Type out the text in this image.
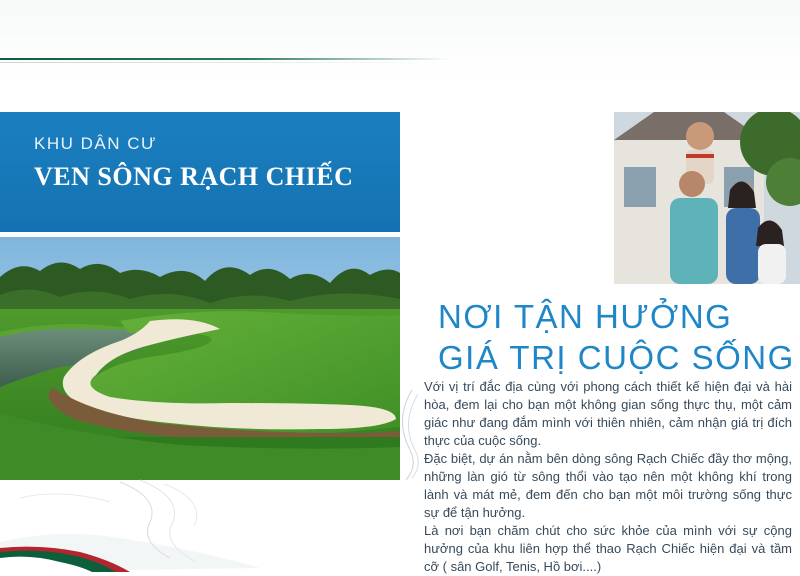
KHU DÂN CƯ
VEN SÔNG RẠCH CHIẾC
NƠI TẬN HƯỞNG
GIÁ TRỊ CUỘC SỐNG

Với vị trí đắc địa cùng với phong cách thiết kế hiện đại và hài hòa, đem lại cho bạn một không gian sống thực thụ, một cảm giác như đang đắm mình với thiên nhiên, cảm nhận giá trị đích thực của cuộc sống.

Đặc biệt, dự án nằm bên dòng sông Rạch Chiếc đầy thơ mộng, những làn gió từ sông thổi vào tạo nên một không khí trong lành và mát mẻ, đem đến cho bạn một môi trường sống thực sự để tận hưởng.

Là nơi bạn chăm chút cho sức khỏe của mình với sự cộng hưởng của khu liên hợp thể thao Rạch Chiếc hiện đại và tầm cỡ ( sân Golf, Tenis, Hồ bơi....)
